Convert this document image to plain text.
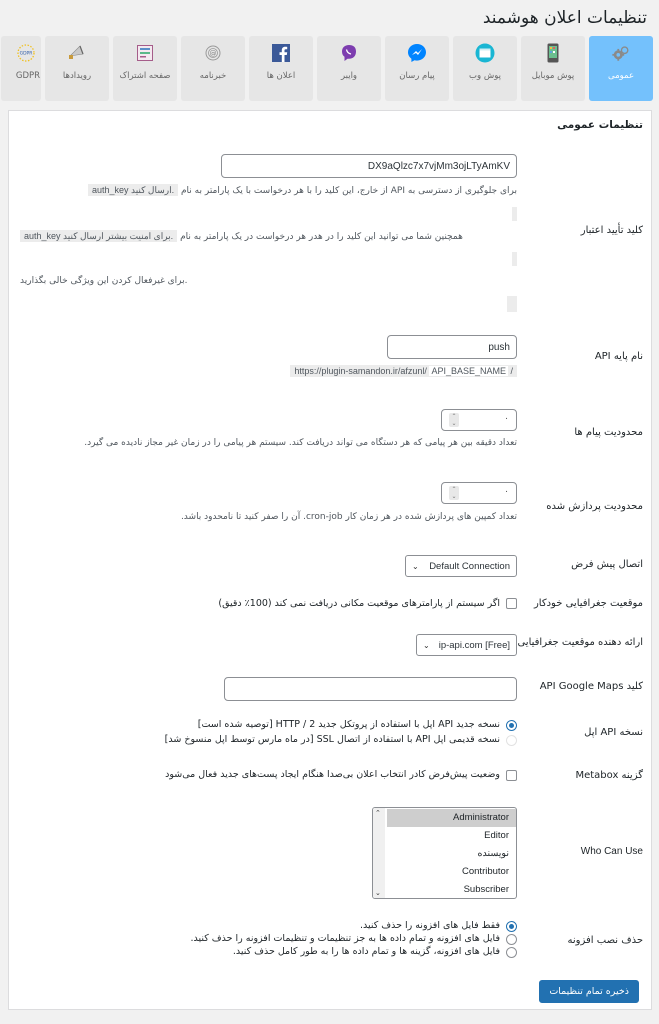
تنظیمات اعلان هوشمند
عمومی
پوش موبایل
پوش وب
پیام رسان
وایبر
اعلان ها
@
خبرنامه
صفحه اشتراک
رویدادها
GDPR
GDPR
تنظیمات عمومی
کلید تأیید اعتبار
DX9aQlzc7x7vjMm3ojLTyAmKV
برای جلوگیری از دسترسی به API از خارج، این کلید را با هر درخواست با یک پارامتر به نام .ارسال کنید auth_key
همچنین شما می توانید این کلید را در هدر هر درخواست در یک پارامتر به نام .برای امنیت بیشتر ارسال کنید auth_key
.برای غیرفعال کردن این ویژگی خالی بگذارید
نام پایه API
push
https://plugin-samandon.ir/afzunl/ API_BASE_NAME /
محدودیت پیام ها
۰
⌃
⌄
تعداد دقیقه بین هر پیامی که هر دستگاه می تواند دریافت کند. سیستم هر پیامی را در زمان غیر مجاز نادیده می گیرد.
محدودیت پردازش شده
۰
⌃
⌄
تعداد کمپین های پردازش شده در هر زمان کار cron-job. آن را صفر کنید تا نامحدود باشد.
اتصال پیش فرض
Default Connection
⌄
موقعیت جغرافیایی خودکار
اگر سیستم از پارامترهای موقعیت مکانی دریافت نمی کند (100٪ دقیق)
ارائه دهنده موقعیت جغرافیایی
ip-api.com [Free]
⌄
کلید API Google Maps
نسخه API اپل
نسخه جدید API اپل با استفاده از پروتکل جدید HTTP / 2 [توصیه شده است]
نسخه قدیمی اپل API با استفاده از اتصال SSL [در ماه مارس توسط اپل منسوخ شد]
گزینه Metabox
وضعیت پیش‌فرض کادر انتخاب اعلان بی‌صدا هنگام ایجاد پست‌های جدید فعال می‌شود
Who Can Use
⌃
⌄
Administrator
Editor
نویسنده
Contributor
Subscriber
حذف نصب افزونه
فقط فایل های افزونه را حذف کنید.
فایل های افزونه و تمام داده ها به جز تنظیمات و تنظیمات افزونه را حذف کنید.
فایل های افزونه، گزینه ها و تمام داده ها را به طور کامل حذف کنید.
ذخیره تمام تنظیمات
